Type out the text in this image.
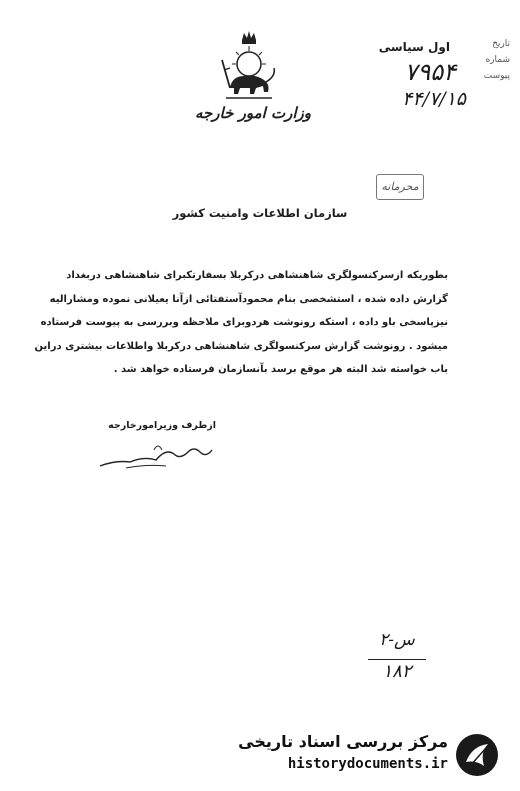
وزارت امور خارجه
اول سیاسی
۷۹۵۴
۴۴/۷/۱۵
تاریخ
شماره
پیوست
محرمانه
سازمان اطلاعات وامنیت کشور
بطوریکه ازسرکنسولگری شاهنشاهی درکربلا بسفارتکبرای شاهنشاهی دربغداد
گزارش داده شده ، استشخصی بنام محمودآستفتائی ازآنا یعیلانی نموده ومشارالیه
نیزپاسخی باو داده ، استکه رونوشت هردوبرای ملاحظه وبررسی به پیوست فرستاده
میشود . رونوشت گزارش سرکنسولگری شاهنشاهی درکربلا واطلاعات بیشتری دراین
باب خواسته شد البته هر موقع برسد بآنسازمان فرستاده خواهد شد .
ازطرف وزیرامورخارجه
۲-س
۱۸۲
مرکز بررسی اسناد تاریخی
historydocuments.ir
